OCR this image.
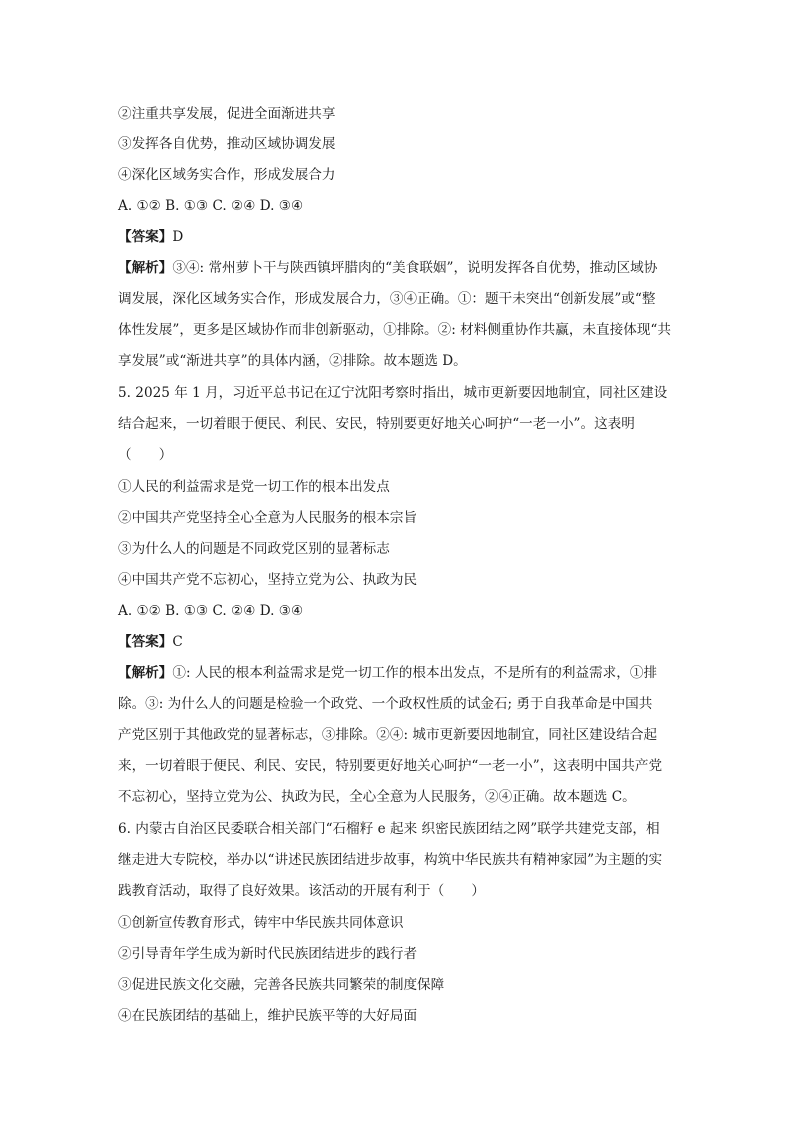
②注重共享发展，促进全面渐进共享
③发挥各自优势，推动区域协调发展
④深化区域务实合作，形成发展合力
A. ①② B. ①③ C. ②④ D. ③④
【答案】D
【解析】③④: 常州萝卜干与陕西镇坪腊肉的“美食联姻”，说明发挥各自优势，推动区域协
调发展，深化区域务实合作，形成发展合力，③④正确。①：题干未突出“创新发展”或“整
体性发展”，更多是区域协作而非创新驱动，①排除。②: 材料侧重协作共赢，未直接体现“共
享发展”或“渐进共享”的具体内涵，②排除。故本题选 D。
5. 2025 年 1 月，习近平总书记在辽宁沈阳考察时指出，城市更新要因地制宜，同社区建设
结合起来，一切着眼于便民、利民、安民，特别要更好地关心呵护“一老一小”。这表明
（　　）
①人民的利益需求是党一切工作的根本出发点
②中国共产党坚持全心全意为人民服务的根本宗旨
③为什么人的问题是不同政党区别的显著标志
④中国共产党不忘初心，坚持立党为公、执政为民
A. ①② B. ①③ C. ②④ D. ③④
【答案】C
【解析】①: 人民的根本利益需求是党一切工作的根本出发点，不是所有的利益需求，①排
除。③: 为什么人的问题是检验一个政党、一个政权性质的试金石; 勇于自我革命是中国共
产党区别于其他政党的显著标志，③排除。②④: 城市更新要因地制宜，同社区建设结合起
来，一切着眼于便民、利民、安民，特别要更好地关心呵护“一老一小”，这表明中国共产党
不忘初心，坚持立党为公、执政为民，全心全意为人民服务，②④正确。故本题选 C。
6. 内蒙古自治区民委联合相关部门“石榴籽 e 起来 织密民族团结之网”联学共建党支部，相
继走进大专院校，举办以“讲述民族团结进步故事，构筑中华民族共有精神家园”为主题的实
践教育活动，取得了良好效果。该活动的开展有利于（　　）
①创新宣传教育形式，铸牢中华民族共同体意识
②引导青年学生成为新时代民族团结进步的践行者
③促进民族文化交融，完善各民族共同繁荣的制度保障
④在民族团结的基础上，维护民族平等的大好局面
